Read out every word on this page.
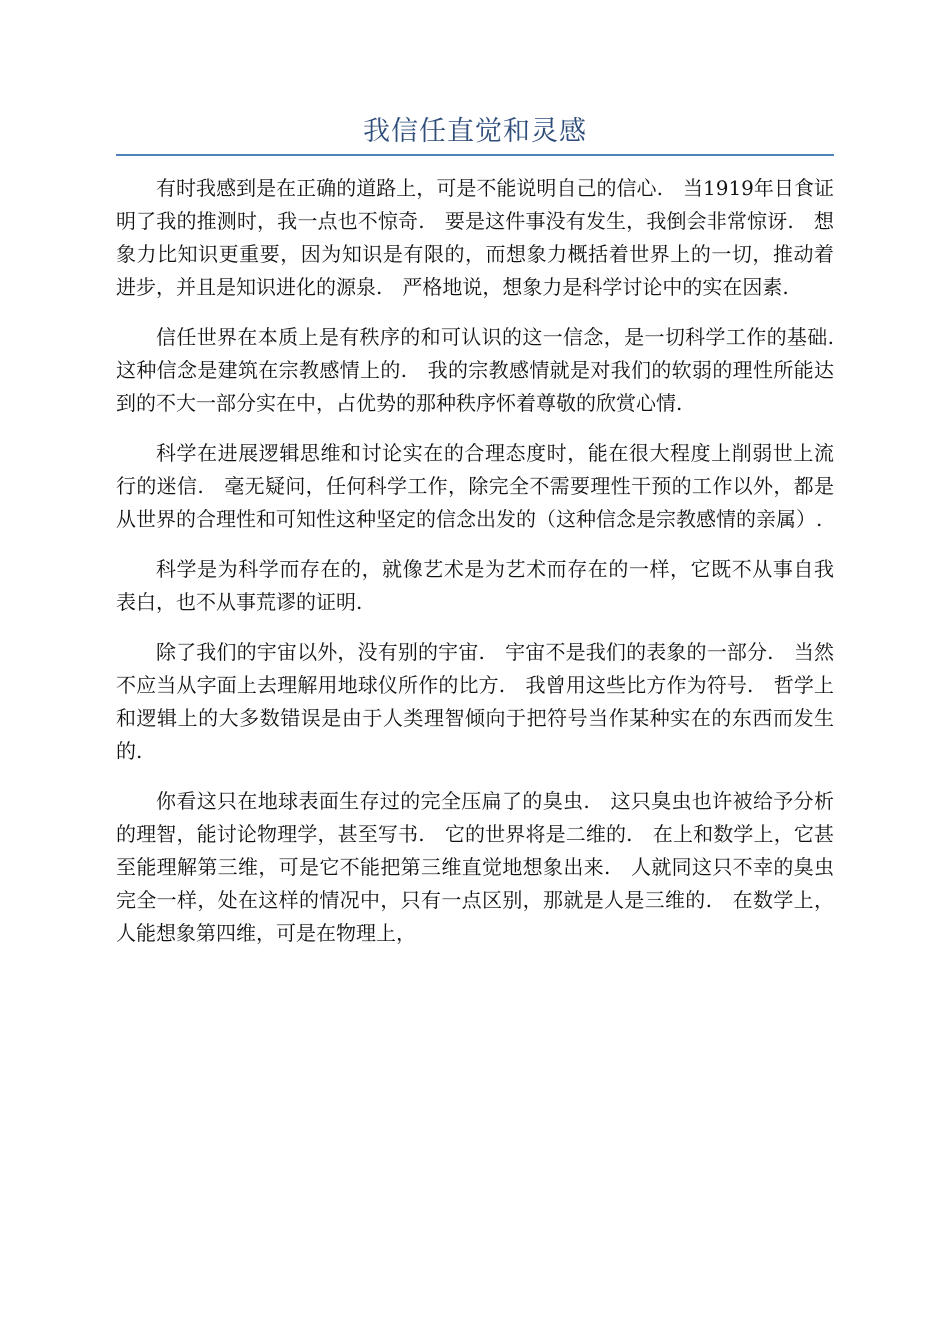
我信任直觉和灵感

有时我感到是在正确的道路上，可是不能说明自己的信心.　当1919年日食证明了我的推测时，我一点也不惊奇.　要是这件事没有发生，我倒会非常惊讶.　想象力比知识更重要，因为知识是有限的，而想象力概括着世界上的一切，推动着进步，并且是知识进化的源泉.　严格地说，想象力是科学讨论中的实在因素.

信任世界在本质上是有秩序的和可认识的这一信念，是一切科学工作的基础.　这种信念是建筑在宗教感情上的.　我的宗教感情就是对我们的软弱的理性所能达到的不大一部分实在中，占优势的那种秩序怀着尊敬的欣赏心情.

科学在进展逻辑思维和讨论实在的合理态度时，能在很大程度上削弱世上流行的迷信.　毫无疑问，任何科学工作，除完全不需要理性干预的工作以外，都是从世界的合理性和可知性这种坚定的信念出发的（这种信念是宗教感情的亲属）.

科学是为科学而存在的，就像艺术是为艺术而存在的一样，它既不从事自我表白，也不从事荒谬的证明.

除了我们的宇宙以外，没有别的宇宙.　宇宙不是我们的表象的一部分.　当然不应当从字面上去理解用地球仪所作的比方.　我曾用这些比方作为符号.　哲学上和逻辑上的大多数错误是由于人类理智倾向于把符号当作某种实在的东西而发生的.

你看这只在地球表面生存过的完全压扁了的臭虫.　这只臭虫也许被给予分析的理智，能讨论物理学，甚至写书.　它的世界将是二维的.　在上和数学上，它甚至能理解第三维，可是它不能把第三维直觉地想象出来.　人就同这只不幸的臭虫完全一样，处在这样的情况中，只有一点区别，那就是人是三维的.　在数学上，人能想象第四维，可是在物理上，
